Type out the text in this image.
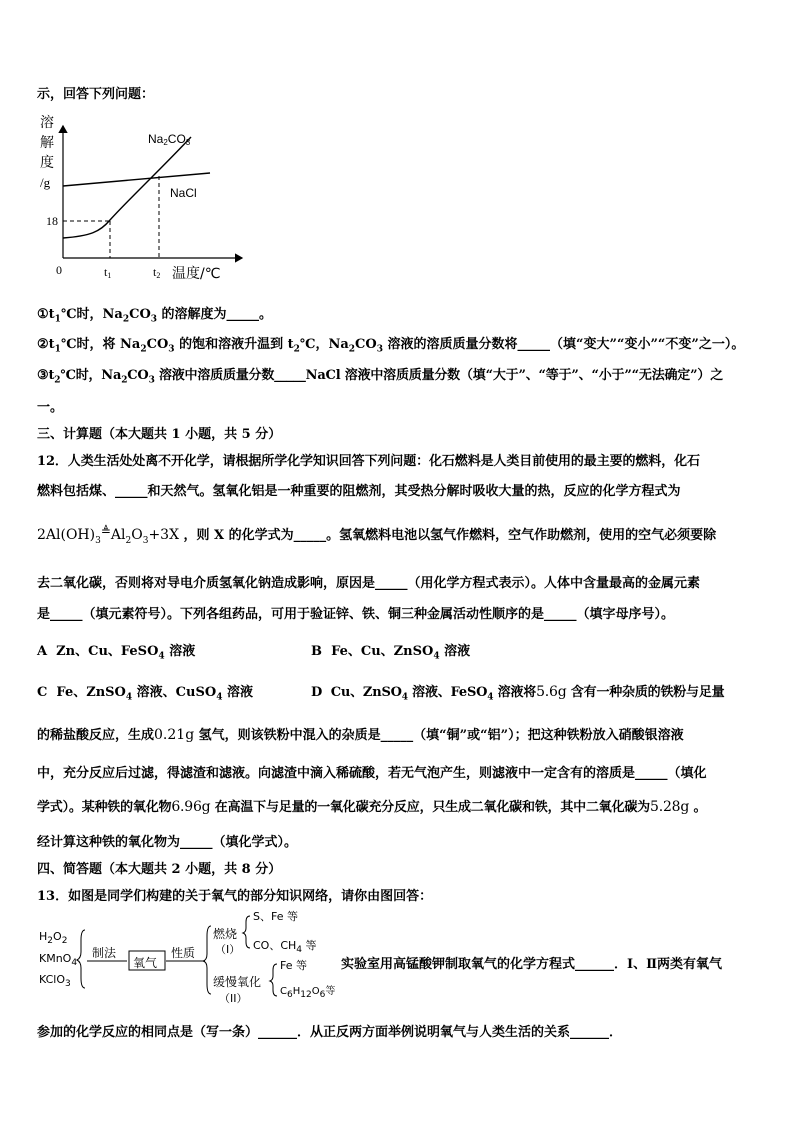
示，回答下列问题：
溶
解
度
/g
18
0	t1	t2 温度/℃
Na2CO3
NaCl
$①t_1℃$时，$Na_2CO_3$ 的溶解度为_____。
$②t_1℃$时，将 $Na_2CO_3$ 的饱和溶液升温到 $t_2℃$，$Na_2CO_3$ 溶液的溶质质量分数将_____（填“变大”“变小”“不变”之一）。
$③t_2℃$时，$Na_2CO_3$ 溶液中溶质质量分数_____NaCl 溶液中溶质质量分数（填“大于”、“等于”、“小于”“无法确定”）之
一。
三、计算题（本大题共 1 小题，共 5 分）
12．人类生活处处离不开化学，请根据所学化学知识回答下列问题：化石燃料是人类目前使用的最主要的燃料，化石
燃料包括煤、_____和天然气。氢氧化铝是一种重要的阻燃剂，其受热分解时吸收大量的热，反应的化学方程式为
$2Al(OH)_3≜Al_2O_3+3X$ ，则 X 的化学式为_____。氢氧燃料电池以氢气作燃料，空气作助燃剂，使用的空气必须要除
去二氧化碳，否则将对导电介质氢氧化钠造成影响，原因是_____（用化学方程式表示）。人体中含量最高的金属元素
是_____（填元素符号）。下列各组药品，可用于验证锌、铁、铜三种金属活动性顺序的是_____（填字母序号）。
A Zn、Cu、FeSO$_4$ 溶液	B Fe、Cu、ZnSO$_4$ 溶液
C Fe、ZnSO$_4$ 溶液、CuSO$_4$ 溶液	D Cu、ZnSO$_4$ 溶液、FeSO$_4$ 溶液将5.6g 含有一种杂质的铁粉与足量
的稀盐酸反应，生成0.21g 氢气，则该铁粉中混入的杂质是_____（填“铜”或“铝”）；把这种铁粉放入硝酸银溶液
中，充分反应后过滤，得滤渣和滤液。向滤渣中滴入稀硫酸，若无气泡产生，则滤液中一定含有的溶质是_____（填化
学式）。某种铁的氧化物6.96g 在高温下与足量的一氧化碳充分反应，只生成二氧化碳和铁，其中二氧化碳为5.28g 。
经计算这种铁的氧化物为_____（填化学式）。
四、简答题（本大题共 2 小题，共 8 分）
13．如图是同学们构建的关于氧气的部分知识网络，请你由图回答：
$H_2O_2$
KMnO$_4$
KClO$_3$
制法
氧气
性质
燃烧
（I）
缓慢氧化
（II）
S、Fe 等
CO、$CH_4$ 等
Fe 等
$C_6H_{12}O_6$等
实验室用高锰酸钾制取氧气的化学方程式______．Ⅰ、Ⅱ两类有氧气
参加的化学反应的相同点是（写一条）______．从正反两方面举例说明氧气与人类生活的关系______．
